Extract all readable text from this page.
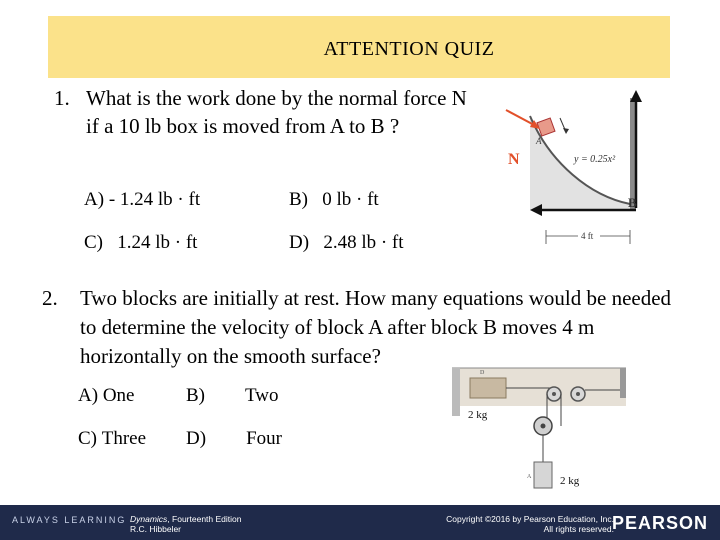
ATTENTION QUIZ
1. What is the work done by the normal force N if a 10 lb box is moved from A to B ?
A) - 1.24 lb · ft	B) 0 lb · ft
C) 1.24 lb · ft	D) 2.48 lb · ft
N
A
y = 0.25x²
B
4 ft
2. Two blocks are initially at rest. How many equations would be needed to determine the velocity of block A after block B moves 4 m horizontally on the smooth surface?
A) One	B) Two
C) Three D) Four
D
A
2 kg
2 kg
ALWAYS LEARNING Dynamics, Fourteenth Edition
R.C. Hibbeler
Copyright ©2016 by Pearson Education, Inc.
All rights reserved.
PEARSON
